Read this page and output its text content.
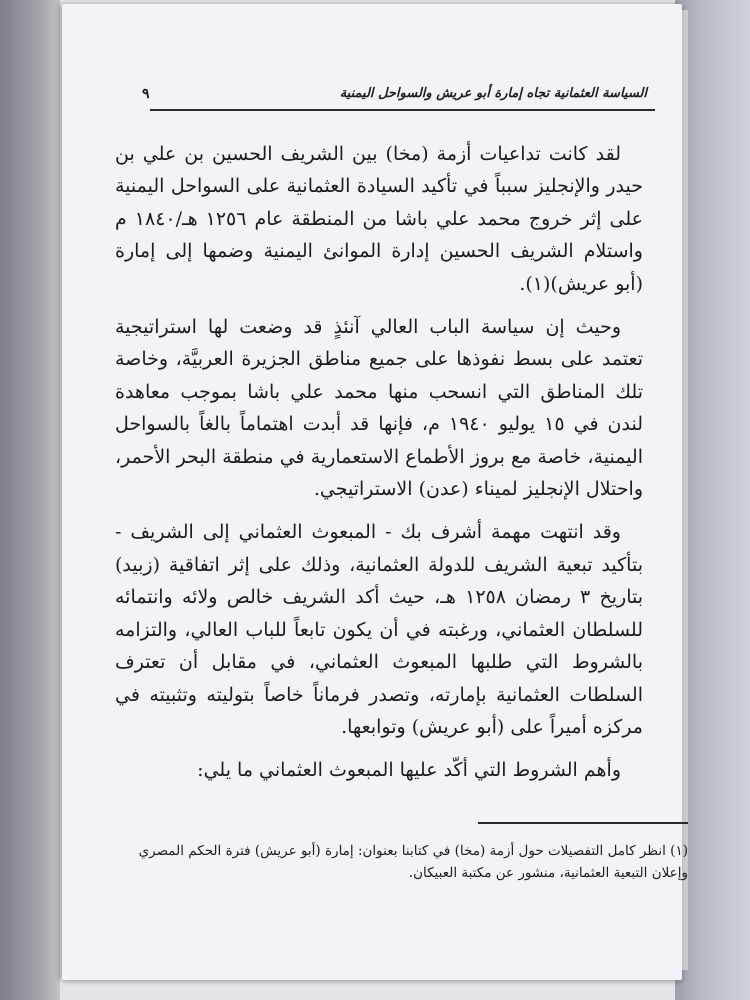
السياسة العثمانية تجاه إمارة أبو عريش والسواحل اليمنية
٩

لقد كانت تداعيات أزمة (مخا) بين الشريف الحسين بن علي بن حيدر والإنجليز سبباً في تأكيد السيادة العثمانية على السواحل اليمنية على إثر خروج محمد علي باشا من المنطقة عام ١٢٥٦ هـ/١٨٤٠ م واستلام الشريف الحسين إدارة الموانئ اليمنية وضمها إلى إمارة (أبو عريش)(١).

وحيث إن سياسة الباب العالي آنئذٍ قد وضعت لها استراتيجية تعتمد على بسط نفوذها على جميع مناطق الجزيرة العربيَّة، وخاصة تلك المناطق التي انسحب منها محمد علي باشا بموجب معاهدة لندن في ١٥ يوليو ١٩٤٠ م، فإنها قد أبدت اهتماماً بالغاً بالسواحل اليمنية، خاصة مع بروز الأطماع الاستعمارية في منطقة البحر الأحمر، واحتلال الإنجليز لميناء (عدن) الاستراتيجي.

وقد انتهت مهمة أشرف بك - المبعوث العثماني إلى الشريف - بتأكيد تبعية الشريف للدولة العثمانية، وذلك على إثر اتفاقية (زبيد) بتاريخ ٣ رمضان ١٢٥٨ هـ، حيث أكد الشريف خالص ولائه وانتمائه للسلطان العثماني، ورغبته في أن يكون تابعاً للباب العالي، والتزامه بالشروط التي طلبها المبعوث العثماني، في مقابل أن تعترف السلطات العثمانية بإمارته، وتصدر فرماناً خاصاً بتوليته وتثبيته في مركزه أميراً على (أبو عريش) وتوابعها.

وأهم الشروط التي أكّد عليها المبعوث العثماني ما يلي:

(١) انظر كامل التفصيلات حول أزمة (مخا) في كتابنا بعنوان: إمارة (أبو عريش) فترة الحكم المصري

وإعلان التبعية العثمانية، منشور عن مكتبة العبيكان.
